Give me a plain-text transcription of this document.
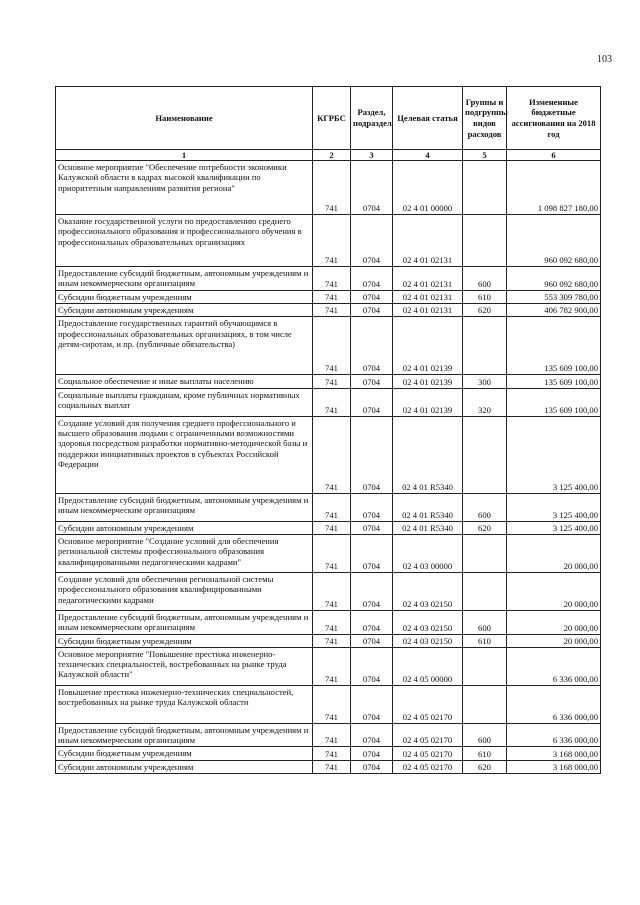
103
Наименование	КГРБС	Раздел, подраздел	Целевая статья	Группы и подгруппы видов расходов	Измененные бюджетные ассигнования на 2018 год
1	2	3	4	5	6
Основное мероприятие "Обеспечение потребности экономики Калужской области в кадрах высокой квалификации по приоритетным направлениям развития региона"	741	0704	02 4 01 00000		1 098 827 180,00
Оказание государственной услуги по предоставлению среднего профессионального образования и профессионального обучения в профессиональных образовательных организациях	741	0704	02 4 01 02131		960 092 680,00
Предоставление субсидий бюджетным, автономным учреждениям и иным некоммерческим организациям	741	0704	02 4 01 02131	600	960 092 680,00
Субсидии бюджетным учреждениям	741	0704	02 4 01 02131	610	553 309 780,00
Субсидии автономным учреждениям	741	0704	02 4 01 02131	620	406 782 900,00
Предоставление государственных гарантий обучающимся в профессиональных образовательных организациях, в том числе детям-сиротам, и пр. (публичные обязательства)	741	0704	02 4 01 02139		135 609 100,00
Социальное обеспечение и иные выплаты населению	741	0704	02 4 01 02139	300	135 609 100,00
Социальные выплаты гражданам, кроме публичных нормативных социальных выплат	741	0704	02 4 01 02139	320	135 609 100,00
Создание условий для получения среднего профессионального и высшего образования людьми с ограниченными возможностями здоровья посредством разработки нормативно-методической базы и поддержки инициативных проектов в субъектах Российской Федерации	741	0704	02 4 01 R5340		3 125 400,00
Предоставление субсидий бюджетным, автономным учреждениям и иным некоммерческим организациям	741	0704	02 4 01 R5340	600	3 125 400,00
Субсидии автономным учреждениям	741	0704	02 4 01 R5340	620	3 125 400,00
Основное мероприятие "Создание условий для обеспечения региональной системы профессионального образования квалифицированными педагогическими кадрами"	741	0704	02 4 03 00000		20 000,00
Создание условий для обеспечения региональной системы профессионального образования квалифицированными педагогическими кадрами	741	0704	02 4 03 02150		20 000,00
Предоставление субсидий бюджетным, автономным учреждениям и иным некоммерческим организациям	741	0704	02 4 03 02150	600	20 000,00
Субсидии бюджетным учреждениям	741	0704	02 4 03 02150	610	20 000,00
Основное мероприятие "Повышение престижа инженерно-технических специальностей, востребованных на рынке труда Калужской области"	741	0704	02 4 05 00000		6 336 000,00
Повышение престижа инженерно-технических специальностей, востребованных на рынке труда Калужской области	741	0704	02 4 05 02170		6 336 000,00
Предоставление субсидий бюджетным, автономным учреждениям и иным некоммерческим организациям	741	0704	02 4 05 02170	600	6 336 000,00
Субсидии бюджетным учреждениям	741	0704	02 4 05 02170	610	3 168 000,00
Субсидии автономным учреждениям	741	0704	02 4 05 02170	620	3 168 000,00
